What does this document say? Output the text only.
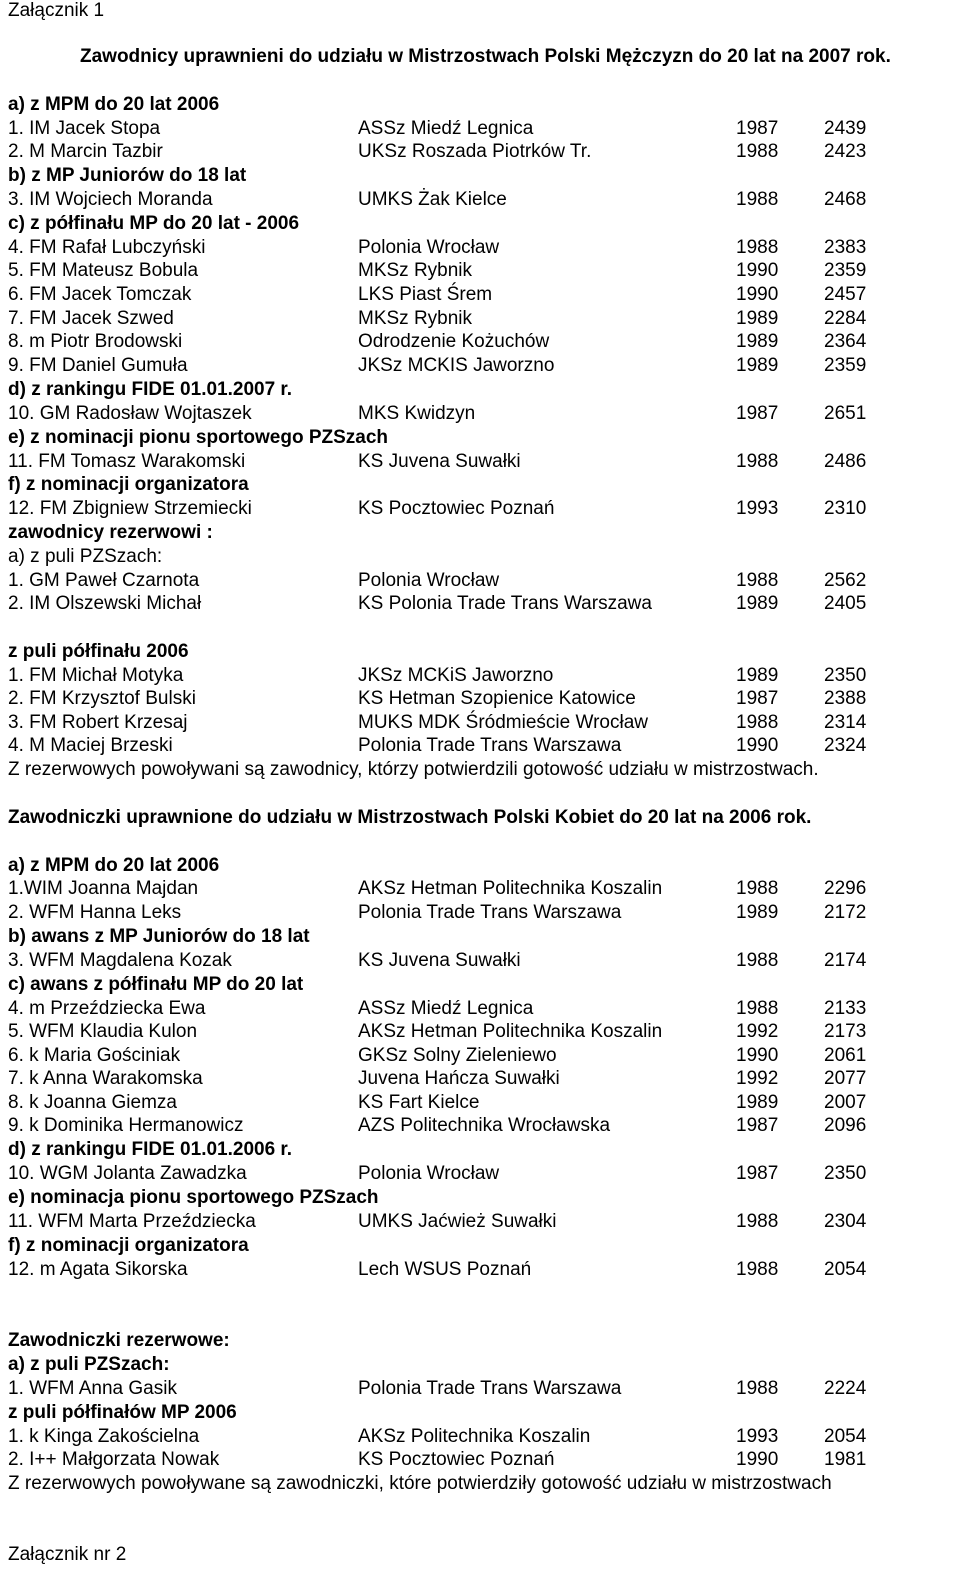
Załącznik 1
Zawodnicy uprawnieni do udziału w Mistrzostwach Polski Mężczyzn do 20 lat na 2007 rok.
a) z MPM do 20 lat 2006
1. IM Jacek Stopa	ASSz Miedź Legnica	1987 2439
2. M Marcin Tazbir	UKSz Roszada Piotrków Tr.	1988 2423
b) z MP Juniorów do 18 lat
3. IM Wojciech Moranda	UMKS Żak Kielce	1988 2468
c) z półfinału MP do 20 lat - 2006
4. FM Rafał Lubczyński	Polonia Wrocław	1988 2383
5. FM Mateusz Bobula	MKSz Rybnik	1990 2359
6. FM Jacek Tomczak	LKS Piast Śrem	1990 2457
7. FM Jacek Szwed	MKSz Rybnik	1989 2284
8. m Piotr Brodowski	Odrodzenie Kożuchów	1989 2364
9. FM Daniel Gumuła	JKSz MCKIS Jaworzno	1989 2359
d) z rankingu FIDE 01.01.2007 r.
10. GM Radosław Wojtaszek	MKS Kwidzyn	1987 2651
e) z nominacji pionu sportowego PZSzach
11. FM Tomasz Warakomski	KS Juvena Suwałki	1988 2486
f) z nominacji organizatora
12. FM Zbigniew Strzemiecki	KS Pocztowiec Poznań	1993 2310
zawodnicy rezerwowi :
a) z puli PZSzach:
1. GM Paweł Czarnota	Polonia Wrocław	1988 2562
2. IM Olszewski Michał	KS Polonia Trade Trans Warszawa	1989 2405
z puli półfinału 2006
1. FM Michał Motyka	JKSz MCKiS Jaworzno	1989 2350
2. FM Krzysztof Bulski	KS Hetman Szopienice Katowice	1987 2388
3. FM Robert Krzesaj	MUKS MDK Śródmieście Wrocław	1988 2314
4. M Maciej Brzeski	Polonia Trade Trans Warszawa	1990 2324
Z rezerwowych powoływani są zawodnicy, którzy potwierdzili gotowość udziału w mistrzostwach.
Zawodniczki uprawnione do udziału w Mistrzostwach Polski Kobiet do 20 lat na 2006 rok.
a) z MPM do 20 lat 2006
1.WIM Joanna Majdan	AKSz Hetman Politechnika Koszalin	1988 2296
2. WFM Hanna Leks	Polonia Trade Trans Warszawa	1989 2172
b) awans z MP Juniorów do 18 lat
3. WFM Magdalena Kozak	KS Juvena Suwałki	1988 2174
c) awans z półfinału MP do 20 lat
4. m Przeździecka Ewa	ASSz Miedź Legnica	1988 2133
5. WFM Klaudia Kulon	AKSz Hetman Politechnika Koszalin	1992 2173
6. k Maria Gościniak	GKSz Solny Zieleniewo	1990 2061
7. k Anna Warakomska	Juvena Hańcza Suwałki	1992 2077
8. k Joanna Giemza	KS Fart Kielce	1989 2007
9. k Dominika Hermanowicz	AZS Politechnika Wrocławska	1987 2096
d) z rankingu FIDE 01.01.2006 r.
10. WGM Jolanta Zawadzka	Polonia Wrocław	1987 2350
e) nominacja pionu sportowego PZSzach
11. WFM Marta Przeździecka	UMKS Jaćwież Suwałki	1988 2304
f) z nominacji organizatora
12. m Agata Sikorska	Lech WSUS Poznań	1988 2054
Zawodniczki rezerwowe:
a) z puli PZSzach:
1. WFM Anna Gasik	Polonia Trade Trans Warszawa	1988 2224
z puli półfinałów MP 2006
1. k Kinga Zakościelna	AKSz Politechnika Koszalin	1993 2054
2. I++ Małgorzata Nowak	KS Pocztowiec Poznań	1990 1981
Z rezerwowych powoływane są zawodniczki, które potwierdziły gotowość udziału w mistrzostwach
Załącznik nr 2
